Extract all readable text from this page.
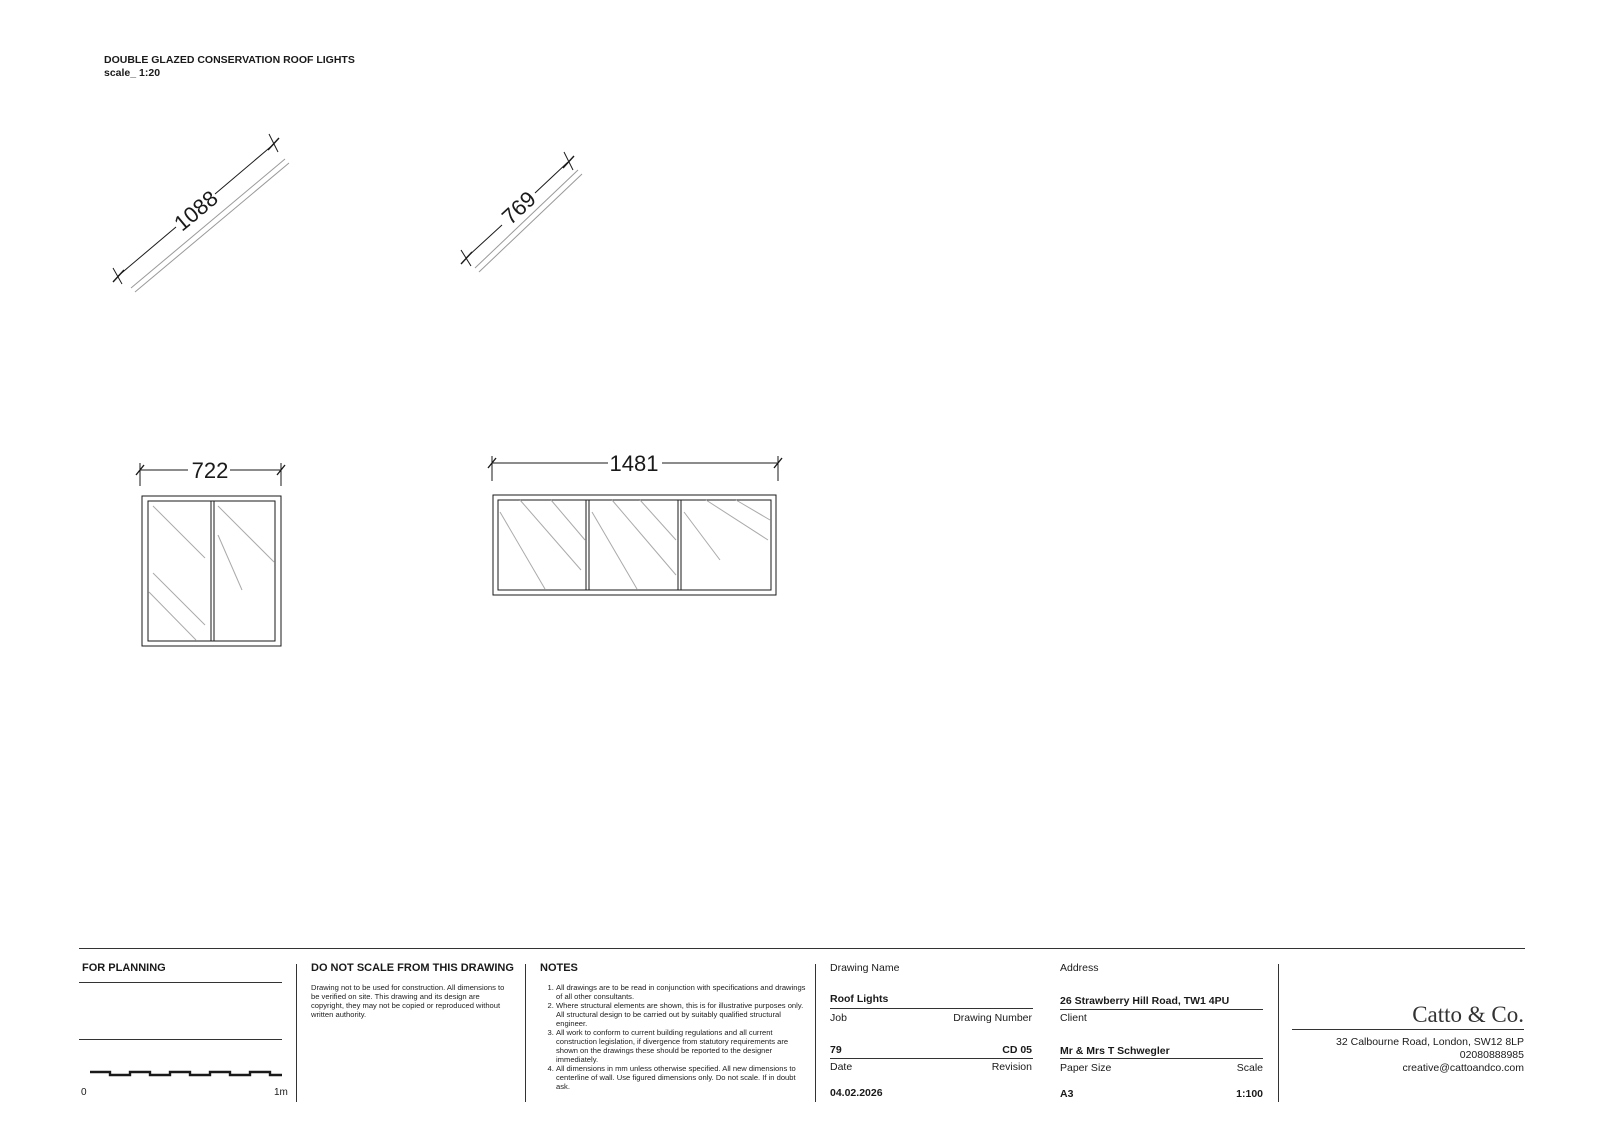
1088	769
722	1481
DOUBLE GLAZED CONSERVATION ROOF LIGHTS
scale_ 1:20
FOR PLANNING
0	1m
DO NOT SCALE FROM THIS DRAWING
Drawing not to be used for construction. All dimensions to be verified on site. This drawing and its design are copyright, they may not be copied or reproduced without written authority.
NOTES
1. All drawings are to be read in conjunction with specifications and drawings of all other consultants.
2. Where structural elements are shown, this is for illustrative purposes only. All structural design to be carried out by suitably qualified structural engineer.
3. All work to conform to current building regulations and all current construction legislation, if divergence from statutory requirements are shown on the drawings these should be reported to the designer immediately.
4. All dimensions in mm unless otherwise specified. All new dimensions to centerline of wall. Use figured dimensions only. Do not scale. If in doubt ask.
Drawing Name
Roof Lights
Job	Drawing Number
79	CD 05
Date	Revision
04.02.2026
Address
26 Strawberry Hill Road, TW1 4PU
Client
Mr & Mrs T Schwegler
Paper Size	Scale
A3	1:100
Catto & Co.
32 Calbourne Road, London, SW12 8LP
02080888985
creative@cattoandco.com
